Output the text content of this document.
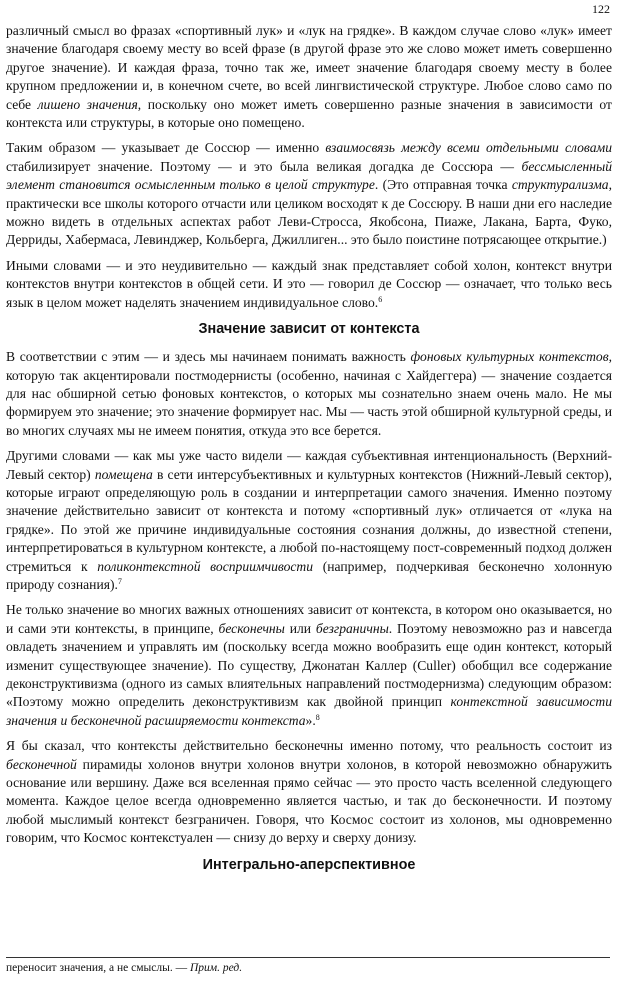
122

различный смысл во фразах «спортивный лук» и «лук на грядке». В каждом случае слово «лук» имеет значение благодаря своему месту во всей фразе (в другой фразе это же слово может иметь совершенно другое значение). И каждая фраза, точно так же, имеет значение благодаря своему месту в более крупном предложении и, в конечном счете, во всей лингвистической структуре. Любое слово само по себе лишено значения, поскольку оно может иметь совершенно разные значения в зависимости от контекста или структуры, в которые оно помещено.

Таким образом — указывает де Соссюр — именно взаимосвязь между всеми отдельными словами стабилизирует значение. Поэтому — и это была великая догадка де Соссюра — бессмысленный элемент становится осмысленным только в целой структуре. (Это отправная точка структурализма, практически все школы которого отчасти или целиком восходят к де Соссюру. В наши дни его наследие можно видеть в отдельных аспектах работ Леви-Стросса, Якобсона, Пиаже, Лакана, Барта, Фуко, Дерриды, Хабермаса, Левинджер, Кольберга, Джиллиген... это было поистине потрясающее открытие.)

Иными словами — и это неудивительно — каждый знак представляет собой холон, контекст внутри контекстов внутри контекстов в общей сети. И это — говорил де Соссюр — означает, что только весь язык в целом может наделять значением индивидуальное слово.$^6$

Значение зависит от контекста

В соответствии с этим — и здесь мы начинаем понимать важность фоновых культурных контекстов, которую так акцентировали постмодернисты (особенно, начиная с Хайдеггера) — значение создается для нас обширной сетью фоновых контекстов, о которых мы сознательно знаем очень мало. Не мы формируем это значение; это значение формирует нас. Мы — часть этой обширной культурной среды, и во многих случаях мы не имеем понятия, откуда это все берется.

Другими словами — как мы уже часто видели — каждая субъективная интенциональность (Верхний-Левый сектор) помещена в сети интерсубъективных и культурных контекстов (Нижний-Левый сектор), которые играют определяющую роль в создании и интерпретации самого значения. Именно поэтому значение действительно зависит от контекста и потому «спортивный лук» отличается от «лука на грядке». По этой же причине индивидуальные состояния сознания должны, до известной степени, интерпретироваться в культурном контексте, а любой по-настоящему пост-современный подход должен стремиться к поликонтекстной восприимчивости (например, подчеркивая бесконечно холонную природу сознания).$^7$

Не только значение во многих важных отношениях зависит от контекста, в котором оно оказывается, но и сами эти контексты, в принципе, бесконечны или безграничны. Поэтому невозможно раз и навсегда овладеть значением и управлять им (поскольку всегда можно вообразить еще один контекст, который изменит существующее значение). По существу, Джонатан Каллер (Culler) обобщил все содержание деконструктивизма (одного из самых влиятельных направлений постмодернизма) следующим образом: «Поэтому можно определить деконструктивизм как двойной принцип контекстной зависимости значения и бесконечной расширяемости контекста».$^8$

Я бы сказал, что контексты действительно бесконечны именно потому, что реальность состоит из бесконечной пирамиды холонов внутри холонов внутри холонов, в которой невозможно обнаружить основание или вершину. Даже вся вселенная прямо сейчас — это просто часть вселенной следующего момента. Каждое целое всегда одновременно является частью, и так до бесконечности. И поэтому любой мыслимый контекст безграничен. Говоря, что Космос состоит из холонов, мы одновременно говорим, что Космос контекстуален — снизу до верху и сверху донизу.

Интегрально-аперспективное
переносит значения, а не смыслы. — Прим. ред.
